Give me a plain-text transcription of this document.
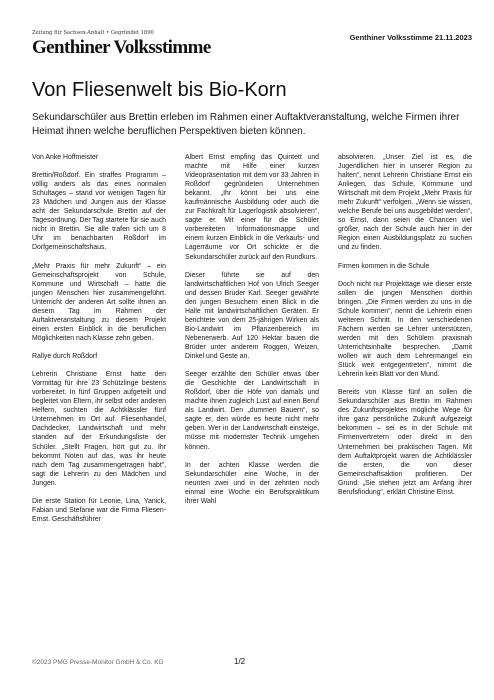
Zeitung für Sachsen-Anhalt • Gegründet 1890
Genthiner Volksstimme	Genthiner Volksstimme 21.11.2023
Von Fliesenwelt bis Bio-Korn

Sekundarschüler aus Brettin erleben im Rahmen einer Auftaktveranstaltung, welche Firmen ihrer Heimat ihnen welche beruflichen Perspektiven bieten können.

Von Anke Hoffmeister

Brettin/Roßdorf. Ein straffes Programm – völlig anders als das eines normalen Schultages – stand vor wenigen Tagen für 23 Mädchen und Jungen aus der Klasse acht der Sekundarschule Brettin auf der Tagesordnung. Der Tag startete für sie auch nicht in Brettin. Sie alle trafen sich um 8 Uhr im benachbarten Roßdorf im Dorfgemeinschaftshaus.

„Mehr Praxis für mehr Zukunft“ – ein Gemeinschaftsprojekt von Schule, Kommune und Wirtschaft – hatte die jungen Menschen hier zusammengeführt. Unterricht der anderen Art sollte ihnen an diesem Tag im Rahmen der Auftaktveranstaltung zu diesem Projekt einen ersten Einblick in die beruflichen Möglichkeiten nach Klasse zehn geben.

Rallye durch Roßdorf

Lehrerin Christiane Ernst hatte den Vormittag für ihre 23 Schützlinge bestens vorbereitet. In fünf Gruppen aufgeteilt und begleitet von Eltern, ihr selbst oder anderen Helfern, suchten die Achtklässler fünf Unternehmen im Ort auf. Fliesenhandel, Dachdecker, Landwirtschaft und mehr standen auf der Erkundungsliste der Schüler. „Stellt Fragen, hört gut zu. Ihr bekommt Noten auf das, was ihr heute nach dem Tag zusammengetragen habt“, sagt die Lehrerin zu den Mädchen und Jungen.

Die erste Station für Leonie, Lina, Yanick, Fabian und Stefanie war die Firma Fliesen-Ernst. Geschäftsführer

Albert Ernst empfing das Quintett und machte mit Hilfe einer kurzen Videopräsentation mit dem vor 33 Jahren in Roßdorf gegründeten Unternehmen bekannt. „Ihr könnt bei uns eine kaufmännische Ausbildung oder auch die zur Fachkraft für Lagerlogistik absolvieren“, sagte er. Mit einer für die Schüler vorbereiteten Informationsmappe und einem kurzen Einblick in die Verkaufs- und Lagerräume vor Ort schickte er die Sekundarschüler zurück auf den Rundkurs.

Dieser führte sie auf den landwirtschaftlichen Hof von Ulrich Seeger und dessen Bruder Karl. Seeger gewährte den jungen Besuchern einen Blick in die Halle mit landwirtschaftlichen Geräten. Er berichtete von dem 25-jährigen Wirken als Bio-Landwirt im Pflanzenbereich im Nebenerwerb. Auf 120 Hektar bauen die Brüder unter anderem Roggen, Weizen, Dinkel und Geste an.

Seeger erzählte den Schüler etwas über die Geschichte der Landwirtschaft in Roßdorf, über die Höfe von damals und machte ihnen zugleich Lust auf einen Beruf als Landwirt. Den „dummen Bauern“, so sagte er, den würde es heute nicht mehr geben. Wer in der Landwirtschaft einsteige, müsse mit modernster Technik umgehen können.

In der achten Klasse werden die Sekundarschüler eine Woche, in der neunten zwei und in der zehnten noch einmal eine Woche ein Berufspraktikum ihrer Wahl

absolvieren. „Unser Ziel ist es, die Jugendlichen hier in unserer Region zu halten“, nennt Lehrerin Christiane Ernst ein Anliegen, das Schule, Kommune und Wirtschaft mit dem Projekt „Mehr Praxis für mehr Zukunft“ verfolgen. „Wenn sie wissen, welche Berufe bei uns ausgebildet werden“, so Ernst, dann seien die Chancen viel größer, nach der Schule auch hier in der Region einen Ausbildungsplatz zu suchen und zu finden.

Firmen kommen in die Schule

Doch nicht nur Projekttage wie dieser erste sollen die jungen Menschen dorthin bringen. „Die Firmen werden zu uns in die Schule kommen“, nennt die Lehrerin einen weiteren Schritt. In den verschiedenen Fächern werden sie Lehrer unterstützen, werden mit den Schülern praxisnah Unterrichtsinhalte besprechen. „Damit wollen wir auch dem Lehrermangel ein Stück weit entgegentreten“, nimmt die Lehrerin kein Blatt vor den Mund.

Bereits von Klasse fünf an sollen die Sekundarschüler aus Brettin im Rahmen des Zukunftsprojektes mögliche Wege für ihre ganz persönliche Zukunft aufgezeigt bekommen – sei es in der Schule mit Firmenvertretern oder direkt in den Unternehmen bei praktischen Tagen. Mit dem Auftaktprojekt waren die Achtklässler die ersten, die von dieser Gemeinschaftsaktion profitieren. Der Grund: „Sie stehen jetzt am Anfang ihrer Berufsfindung“, erklärt Christine Ernst.

©2023 PMG Presse-Monitor GmbH & Co. KG	1/2
